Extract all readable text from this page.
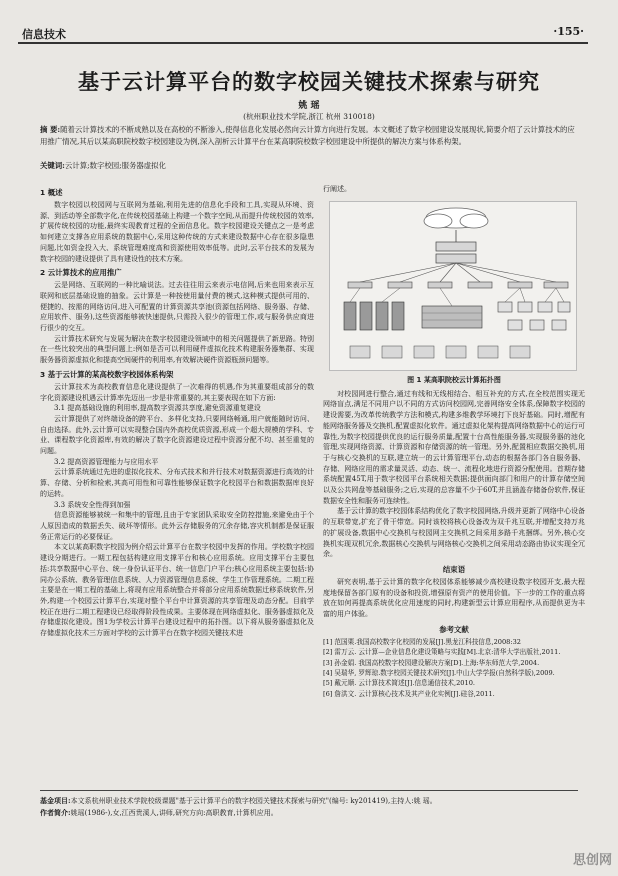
信息技术	·155·
基于云计算平台的数字校园关键技术探索与研究
姚 瑶
(杭州职业技术学院,浙江 杭州 310018)
摘 要:随着云计算技术的不断成熟以及在高校的不断渗入,使得信息化发展必然向云计算方向进行发展。本文概述了数字校园建设发展现状,简要介绍了云计算技术的应用推广情况,其后以某高职院校数字校园建设为例,深入剖析云计算平台在某高职院校数字校园建设中所提供的解决方案与体系构架。
关键词:云计算;数字校园;服务器虚拟化
1 概述

数字校园以校园网与互联网为基础,利用先进的信息化手段和工具,实现从环境、资源、到活动等全部数字化,在传统校园基础上构建一个数字空间,从而提升传统校园的效率,扩展传统校园的功能,最终实现教育过程的全面信息化。数字校园建设关键点之一是考虑如何建立支撑各应用系统的数据中心,采用这种传统的方式来建设数据中心存在很多隐患问题,比如资金投入大、系统管理难度高和资源使用效率低等。此时,云平台技术的发展为数字校园的建设提供了具有建设性的技术方案。

2 云计算技术的应用推广

云是网络、互联网的一种比喻说法。过去往往用云来表示电信网,后来也用来表示互联网和底层基础设施的抽象。云计算是一种按使用量付费的模式,这种模式提供可用的、便捷的、按需的网络访问,进入可配置的计算资源共享池(资源包括网络、服务器、存储、应用软件、服务),这些资源能够被快速提供,只需投入很少的管理工作,或与服务供应商进行很少的交互。

云计算技术研究与发展为解决在数字校园建设领域中的相关问题提供了新思路。特别在一些比较突出的典型问题上:例如是否可以利用硬件虚拟化技术构建服务器集群、实现服务器资源虚拟化和提高空间硬件的利用率,有效解决硬件资源瓶颈问题等。

3 基于云计算的某高校数字校园体系构架

云计算技术为高校教育信息化建设提供了一次难得的机遇,作为其重要组成部分的数字化资源建设机遇云计算率先迈出一步是非常重要的,其主要表现在如下方面:

3.1 提高基础设施的利用率,提高数字资源共享度,避免资源重复建设

云计算提供了对终端设备的跨平台、多样化支持,只要网络畅通,用户就能随时访问、自由选择。此外,云计算可以实现整合国内外高校优质资源,形成一个超大规模的学科、专业、课程数字化资源库,有效的解决了数字化资源建设过程中资源分配不均、甚至重复的问题。

3.2 提高资源管理能力与应用水平

云计算系统通过先进的虚拟化技术、分布式技术和并行技术对数据资源进行高效的计算、存储、分析和检索,其高可用性和可靠性能够保证数字化校园平台和数据数据库良好的运转。

3.3 系统安全性得到加强

信息资源能够被统一和集中的管理,且由于专家团队采取安全防控措施,来避免由于个人原因造成的数据丢失、破坏等情形。此外云存储服务的冗余存储,容灾机制都是保证服务正常运行的必要保证。

本文以某高职数字校园为例介绍云计算平台在数字校园中发挥的作用。学校数字校园建设分期进行。一期工程包括构建应用支撑平台和核心应用系统。应用支撑平台主要包括:共享数据中心平台、统一身份认证平台、统一信息门户平台;核心应用系统主要包括:协同办公系统、教务管理信息系统、人力资源管理信息系统、学生工作管理系统。二期工程主要是在一期工程的基础上,将现有应用系统整合并将部分应用系统数据迁移系统软件,另外,构建一个校园云计算平台,实现对整个平台中计算资源的共享管理及动态分配。目前学校正在进行二期工程建设已经取得阶段性成果。主要体现在网络虚拟化、服务器虚拟化及存储虚拟化建设。图1为学校云计算平台建设过程中的拓扑图。以下将从服务器虚拟化及存储虚拟化技术三方面对学校的云计算平台在数字校园关键技术进

行阐述。

图 1 某高职院校云计算拓扑图

对校园网进行整合,通过有线和无线相结合、相互补充的方式,在全校范围实现无网络盲点,满足不同用户以不同的方式访问校园网,完善网络安全体系,保障数字校园的建设需要,为改革传统教学方法和模式,构建多维教学环境打下良好基础。同时,增配有能网络服务器及交换机,配置虚拟化软件。通过虚拟化架构提高网络数据中心的运行可靠性,为数字校园提供优良的运行服务质量,配置十台高性能服务器,实现服务器的池化管理,实现网络资源、计算资源和存储资源的统一管理。另外,配置相应数据交换机,用于与核心交换机的互联,建立统一的云计算管理平台,动态的根据各部门各自服务器、存储、网络应用的需求量灵活、动态、统一、流程化地进行资源分配使用。首期存储系统配置45T,用于数字校园平台系统相关数据;提供面向部门和用户的计算存储空间以及公共网盘等基础服务;之后,实现的总容量不少于60T,并且涵盖存储备份软件,保证数据安全性和服务可连续性。

基于云计算的数字校园体系结构优化了数字校园网络,升级并更新了网络中心设备的互联带宽,扩充了骨干带宽。同时该校将核心设备改为双千兆互联,并增配支持万兆的扩展设备,数据中心交换机与校园网主交换机之间采用多路千兆捆绑。另外,核心交换机实现双机冗余,数据核心交换机与网络核心交换机之间采用动态路由协议实现全冗余。

结束语

研究表明,基于云计算的数字化校园体系能够减少高校建设数字校园开支,最大程度地保留各部门原有的设备和投资,增强原有资产的使用价值。下一步的工作的重点将放在如何再提高系统优化应用速度的同时,构建新型云计算应用程序,从而提供更为丰富的用户体验。

参考文献

[1] 范国栗.我国高校数字化校园的发展[J].黑龙江科技信息,2008:32

[2] 雷万云. 云计算—企业信息化建设策略与实践[M].北京:清华大学出版社,2011.

[3] 孙金娟. 我国高校数字校园建设解决方案[D].上海:华东师范大学,2004.

[4] 吴瑞华, 罗辉琼.数字校园关键技术研究[J].中山大学学报(自然科学版),2009.

[5] 戴元顺. 云计算技术简述[J].信息通信技术,2010.

[6] 詹洪文. 云计算核心技术及其产业化实例[J].硅谷,2011.

基金项目:本文系杭州职业技术学院校级课题"基于云计算平台的数字校园关键技术探索与研究"(编号: ky201419),主持人:姚 瑶。
作者简介:姚瑶(1986-),女,江西贵溪人,讲师,研究方向:高职教育,计算机应用。
思创网
